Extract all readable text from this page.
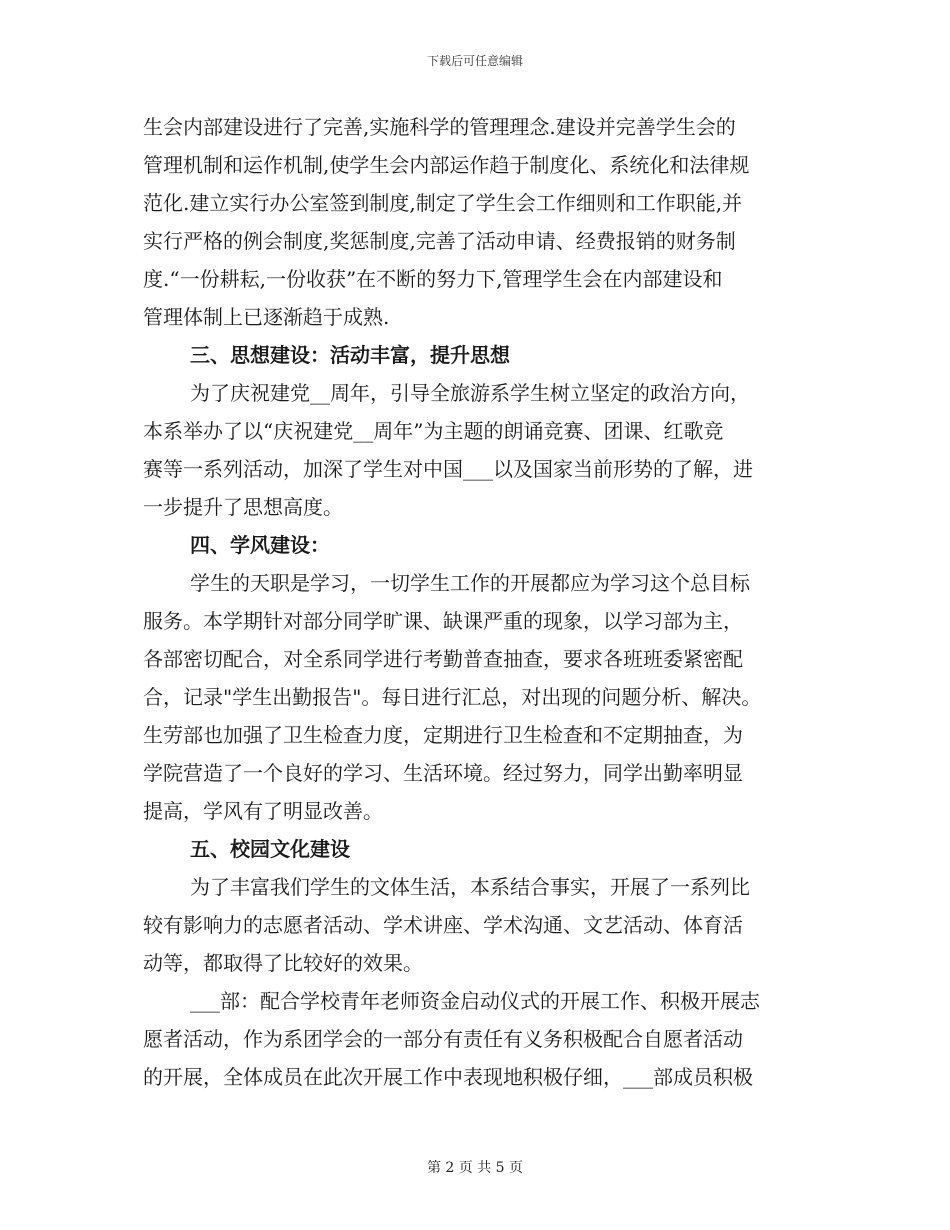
下载后可任意编辑
生会内部建设进行了完善,实施科学的管理理念.建设并完善学生会的
管理机制和运作机制,使学生会内部运作趋于制度化、系统化和法律规
范化.建立实行办公室签到制度,制定了学生会工作细则和工作职能,并
实行严格的例会制度,奖惩制度,完善了活动申请、经费报销的财务制
度.“一份耕耘,一份收获”在不断的努力下,管理学生会在内部建设和
管理体制上已逐渐趋于成熟.
三、思想建设：活动丰富，提升思想
为了庆祝建党__周年，引导全旅游系学生树立坚定的政治方向，
本系举办了以“庆祝建党__周年”为主题的朗诵竞赛、团课、红歌竞
赛等一系列活动，加深了学生对中国___以及国家当前形势的了解，进
一步提升了思想高度。
四、学风建设：
学生的天职是学习，一切学生工作的开展都应为学习这个总目标
服务。本学期针对部分同学旷课、缺课严重的现象，以学习部为主，
各部密切配合，对全系同学进行考勤普查抽查，要求各班班委紧密配
合，记录"学生出勤报告"。每日进行汇总，对出现的问题分析、解决。
生劳部也加强了卫生检查力度，定期进行卫生检查和不定期抽查，为
学院营造了一个良好的学习、生活环境。经过努力，同学出勤率明显
提高，学风有了明显改善。
五、校园文化建设
为了丰富我们学生的文体生活，本系结合事实，开展了一系列比
较有影响力的志愿者活动、学术讲座、学术沟通、文艺活动、体育活
动等，都取得了比较好的效果。
___部：配合学校青年老师资金启动仪式的开展工作、积极开展志
愿者活动，作为系团学会的一部分有责任有义务积极配合自愿者活动
的开展，全体成员在此次开展工作中表现地积极仔细，___部成员积极
第 2 页 共 5 页
